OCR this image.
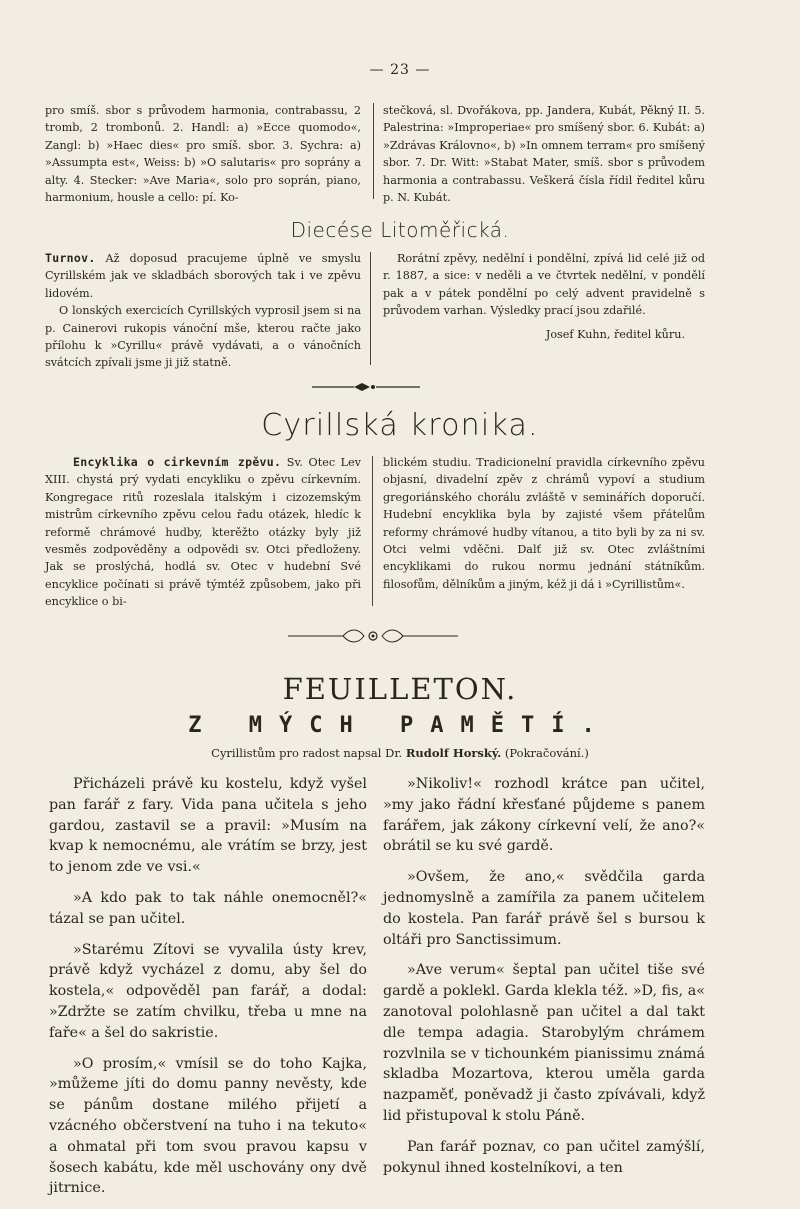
— 23 —
pro smíš. sbor s průvodem harmonia, contrabassu, 2 tromb, 2 trombonů. 2. Handl: a) »Ecce quomodo«, Zangl: b) »Haec dies« pro smíš. sbor. 3. Sychra: a) »Assumpta est«, Weiss: b) »O salutaris« pro soprány a alty. 4. Stecker: »Ave Maria«, solo pro soprán, piano, harmonium, housle a cello: pí. Ko-
stečková, sl. Dvořákova, pp. Jandera, Kubát, Pěkný II. 5. Palestrina: »Improperiae« pro smíšený sbor. 6. Kubát: a) »Zdrávas Královno«, b) »In omnem terram« pro smíšený sbor. 7. Dr. Witt: »Stabat Mater, smíš. sbor s průvodem harmonia a contrabassu. Veškerá čísla řídil ředitel kůru p. N. Kubát.
Diecése Litoměřická.

Turnov. Až doposud pracujeme úplně ve smyslu Cyrillském jak ve skladbách sborových tak i ve zpěvu lidovém.

O lonských exercicích Cyrillských vyprosil jsem si na p. Cainerovi rukopis vánoční mše, kterou račte jako přílohu k »Cyrillu« právě vydávati, a o vánočních svátcích zpívali jsme ji již statně.

Rorátní zpěvy, nedělní i pondělní, zpívá lid celé již od r. 1887, a sice: v neděli a ve čtvrtek nedělní, v pondělí pak a v pátek pondělní po celý advent pravidelně s průvodem varhan. Výsledky prací jsou zdařilé.

Josef Kuhn, ředitel kůru.

Cyrillská kronika.

Encyklika o cirkevním zpěvu. Sv. Otec Lev XIII. chystá prý vydati encykliku o zpěvu církevním. Kongregace ritů rozeslala italským i cizozemským mistrům církevního zpěvu celou řadu otázek, hledíc k reformě chrámové hudby, kterěžto otázky byly již vesměs zodpověděny a odpovědi sv. Otci předloženy. Jak se proslýchá, hodlá sv. Otec v hudební Své encyklice počínati si právě týmtéž způsobem, jako při encyklice o bi-

blickém studiu. Tradicionelní pravidla církevního zpěvu objasní, divadelní zpěv z chrámů vypoví a studium gregoriánského chorálu zvláště v seminářích doporučí. Hudební encyklika byla by zajisté všem přátelům reformy chrámové hudby vítanou, a tito byli by za ni sv. Otci velmi vděčni. Dalť již sv. Otec zvláštními encyklikami do rukou normu jednání státníkům. filosofům, dělníkům a jiným, kéž ji dá i »Cyrillistům«.
FEUILLETON.
Z MÝCH PAMĚTÍ.
Cyrillistům pro radost napsal Dr. Rudolf Horský. (Pokračování.)

Přicházeli právě ku kostelu, když vyšel pan farář z fary. Vida pana učitela s jeho gardou, zastavil se a pravil: »Musím na kvap k nemocnému, ale vrátím se brzy, jest to jenom zde ve vsi.«

»A kdo pak to tak náhle onemocněl?« tázal se pan učitel.

»Starému Zítovi se vyvalila ústy krev, právě když vycházel z domu, aby šel do kostela,« odpověděl pan farář, a dodal: »Zdržte se zatím chvilku, třeba u mne na faře« a šel do sakristie.

»O prosím,« vmísil se do toho Kajka, »můžeme jíti do domu panny nevěsty, kde se pánům dostane milého přijetí a vzácného občerstvení na tuho i na tekuto« a ohmatal při tom svou pravou kapsu v šosech kabátu, kde měl uschovány ony dvě jitrnice.

»Nikoliv!« rozhodl krátce pan učitel, »my jako řádní křesťané půjdeme s panem farářem, jak zákony církevní velí, že ano?« obrátil se ku své gardě.

»Ovšem, že ano,« svědčila garda jednomyslně a zamířila za panem učitelem do kostela. Pan farář právě šel s bursou k oltáři pro Sanctissimum.

»Ave verum« šeptal pan učitel tiše své gardě a poklekl. Garda klekla též. »D, fis, a« zanotoval polohlasně pan učitel a dal takt dle tempa adagia. Starobylým chrámem rozvlnila se v tichounkém pianissimu známá skladba Mozartova, kterou uměla garda nazpaměť, poněvadž ji často zpívávali, když lid přistupoval k stolu Páně.

Pan farář poznav, co pan učitel zamýšlí, pokynul ihned kostelníkovi, a ten
